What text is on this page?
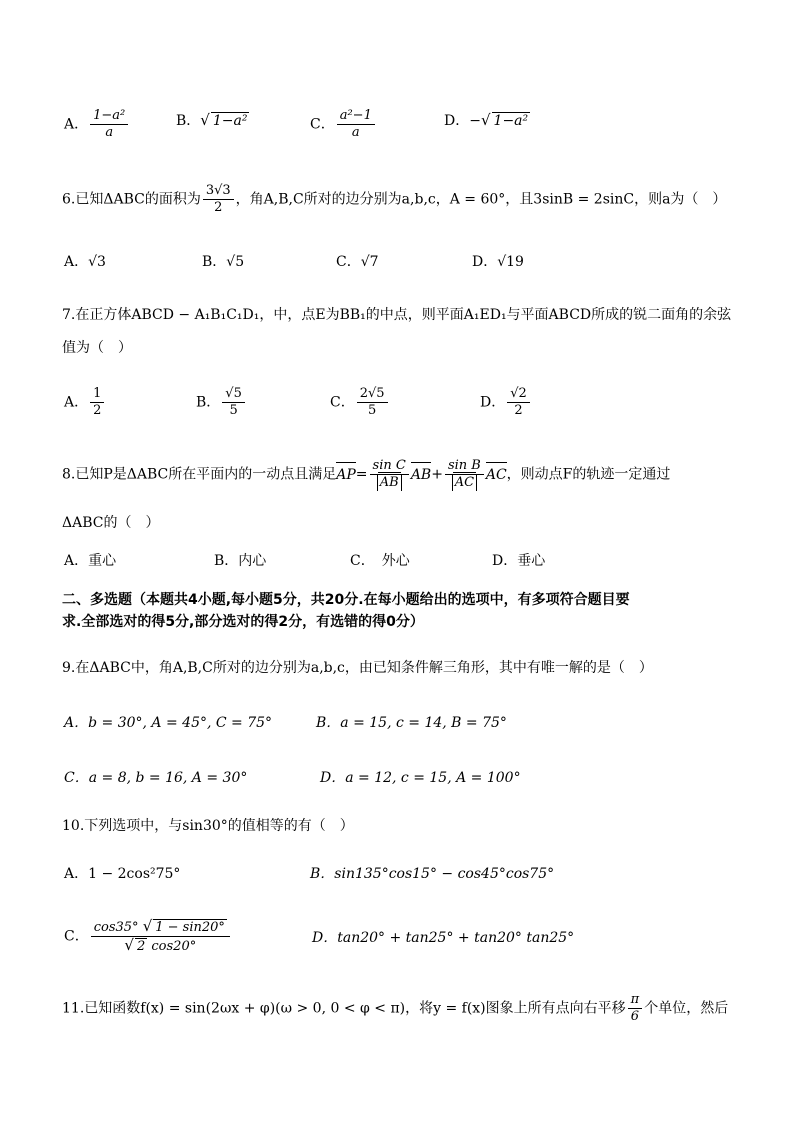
A． $\frac{\text{1−a²}}{a}$	B．√ 1−a²	C． $\frac{\text{a²−1}}{a}$	D．−√ 1−a²
6.已知ΔABC的面积为 $\frac{3√3}{2}$ ，角A,B,C所对的边分别为a,b,c，A = 60°，且3sinB = 2sinC，则a为（　）
A．√3	B．√5	C．√7	D．√19
7.在正方体ABCD − A₁B₁C₁D₁，中，点E为BB₁的中点，则平面A₁ED₁与平面ABCD所成的锐二面角的余弦
值为（　）
A． $\frac{1}{2}$	B． $\frac{√5}{5}$	C． $\frac{2√5}{5}$	D． $\frac{√2}{2}$
8.已知P是ΔABC所在平面内的一动点且满足$AP= \frac{\text{sin C}}{AB} AB+ \frac{\text{sin B}}{AC}$ AC，则动点F的轨迹一定通过
ΔABC的（　）
A．重心	B．内心	C．　外心	D．垂心
二、多选题（本题共4小题,每小题5分，共20分.在每小题给出的选项中，有多项符合题目要
求.全部选对的得5分,部分选对的得2分，有选错的得0分）
9.在ΔABC中，角A,B,C所对的边分别为a,b,c，由已知条件解三角形，其中有唯一解的是（　）
A．b = 30°, A = 45°, C = 75°	B．a = 15, c = 14, B = 75°
C．a = 8, b = 16, A = 30°	D．a = 12, c = 15, A = 100°
10.下列选项中，与sin30°的值相等的有（　）
A．1 − 2cos²75°	B．sin135°cos15° − cos45°cos75°
C． $\frac{\cos 35^\circ √ 1 - \sin 20^\circ}{√ 2 \cos 20^\circ}$	D．tan20° + tan25° + tan20° tan25°
11.已知函数f(x) = sin(2ωx + φ)(ω > 0, 0 < φ < π)，将y = f(x)图象上所有点向右平移 $\frac{\pi}{6}$ 个单位，然后
